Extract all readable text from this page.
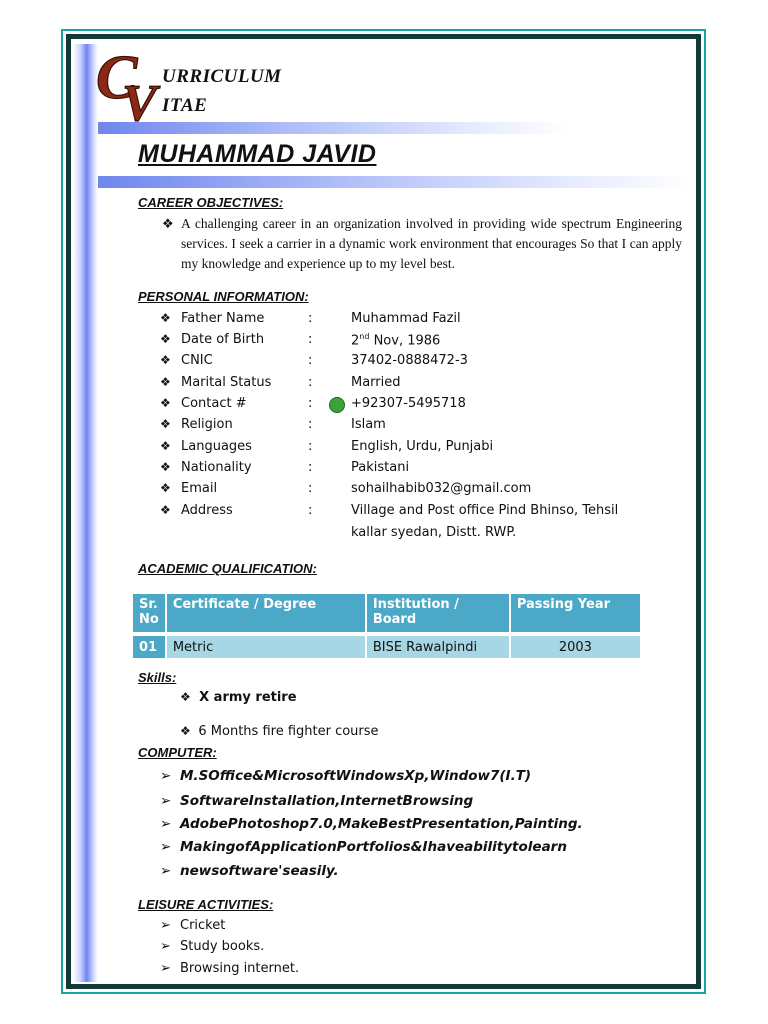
C
V URRICULUM
ITAE
MUHAMMAD JAVID
CAREER OBJECTIVES:
❖ A challenging career in an organization involved in providing wide spectrum Engineering services. I seek a carrier in a dynamic work environment that encourages So that I can apply my knowledge and experience up to my level best.
PERSONAL INFORMATION:
❖ Father Name	:	Muhammad Fazil
❖ Date of Birth	:	2nd Nov, 1986
❖ CNIC	:	37402-0888472-3
❖ Marital Status	:	Married
❖ Contact #	:	+92307-5495718
❖ Religion	:	Islam
❖ Languages	:	English, Urdu, Punjabi
❖ Nationality	:	Pakistani
❖ Email	:	sohailhabib032@gmail.com
❖ Address	:	Village and Post office Pind Bhinso, Tehsil
kallar syedan, Distt. RWP.
ACADEMIC QUALIFICATION:
Sr. No	Certificate / Degree	Institution / Board	Passing Year
01	Metric	BISE Rawalpindi	2003
Skills:
❖  X army retire
❖  6 Months fire fighter course
COMPUTER:
➢ M.SOffice&MicrosoftWindowsXp,Window7(I.T)
➢ SoftwareInstallation,InternetBrowsing
➢ AdobePhotoshop7.0,MakeBestPresentation,Painting.
➢ MakingofApplicationPortfolios&Ihaveabilitytolearn
➢ newsoftware'seasily.
LEISURE ACTIVITIES:
➢ Cricket
➢ Study books.
➢ Browsing internet.
